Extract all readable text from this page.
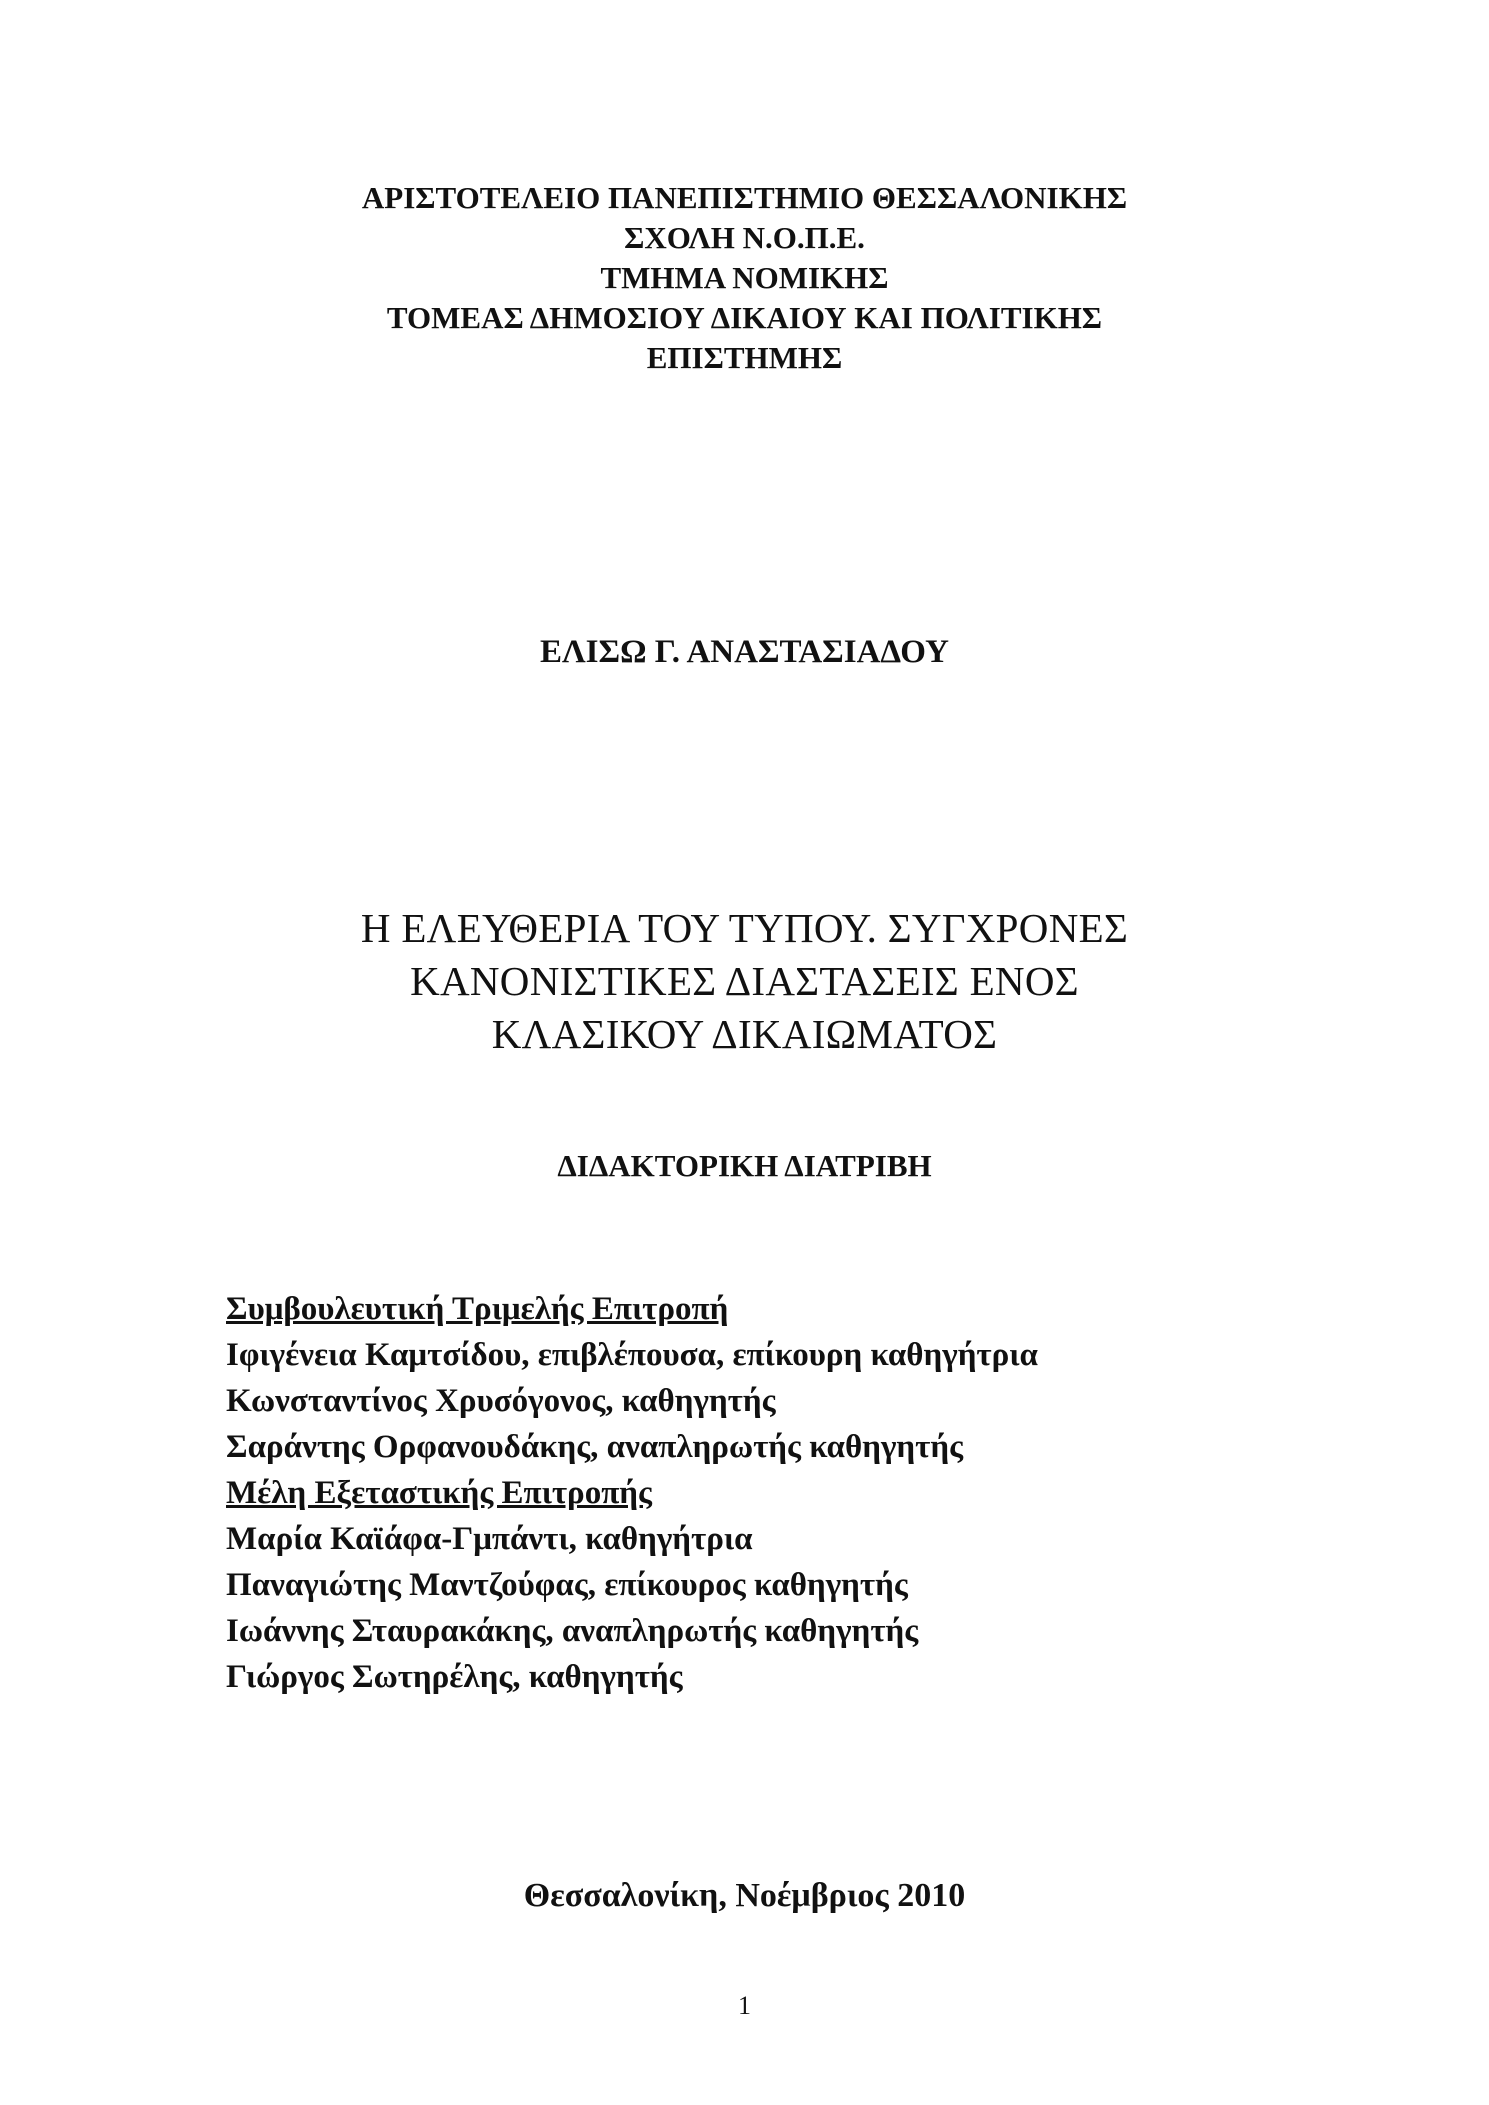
ΑΡΙΣΤΟΤΕΛΕΙΟ ΠΑΝΕΠΙΣΤΗΜΙΟ ΘΕΣΣΑΛΟΝΙΚΗΣ
ΣΧΟΛΗ Ν.Ο.Π.Ε.
ΤΜΗΜΑ ΝΟΜΙΚΗΣ
ΤΟΜΕΑΣ ΔΗΜΟΣΙΟΥ ΔΙΚΑΙΟΥ ΚΑΙ ΠΟΛΙΤΙΚΗΣ
ΕΠΙΣΤΗΜΗΣ
ΕΛΙΣΩ Γ. ΑΝΑΣΤΑΣΙΑΔΟΥ
Η ΕΛΕΥΘΕΡΙΑ ΤΟΥ ΤΥΠΟΥ. ΣΥΓΧΡΟΝΕΣ
ΚΑΝΟΝΙΣΤΙΚΕΣ ΔΙΑΣΤΑΣΕΙΣ ΕΝΟΣ
ΚΛΑΣΙΚΟΥ ΔΙΚΑΙΩΜΑΤΟΣ
ΔΙΔΑΚΤΟΡΙΚΗ ΔΙΑΤΡΙΒΗ
Συμβουλευτική Τριμελής Επιτροπή
Ιφιγένεια Καμτσίδου, επιβλέπουσα, επίκουρη καθηγήτρια
Κωνσταντίνος Χρυσόγονος, καθηγητής
Σαράντης Ορφανουδάκης, αναπληρωτής καθηγητής
Μέλη Εξεταστικής Επιτροπής
Μαρία Καϊάφα-Γμπάντι, καθηγήτρια
Παναγιώτης Μαντζούφας, επίκουρος καθηγητής
Ιωάννης Σταυρακάκης, αναπληρωτής καθηγητής
Γιώργος Σωτηρέλης, καθηγητής
Θεσσαλονίκη, Νοέμβριος 2010
1
